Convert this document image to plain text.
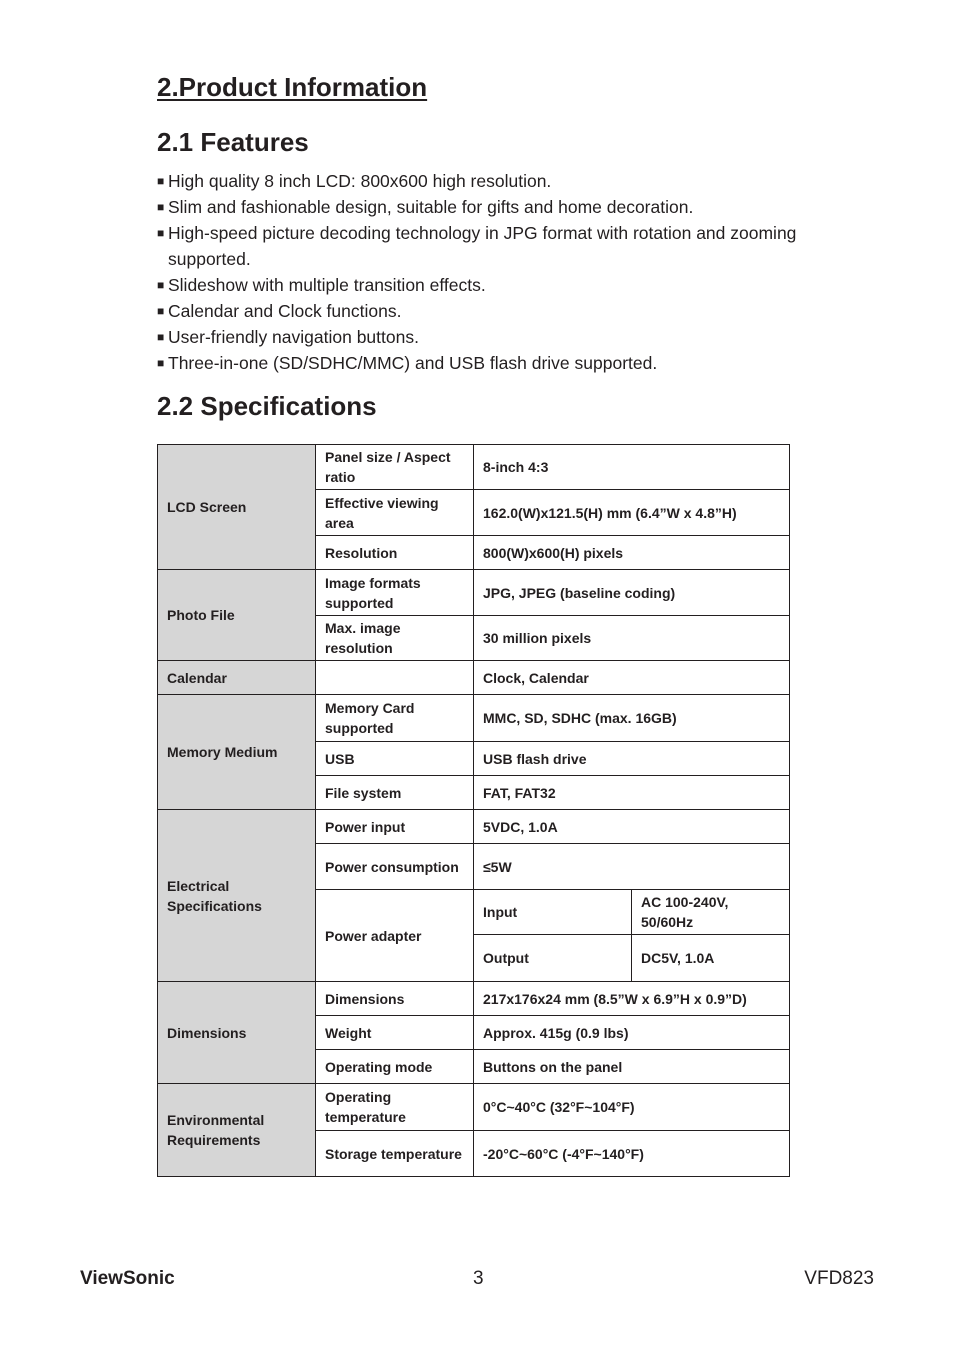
2.Product Information
2.1 Features
■ High quality 8 inch LCD: 800x600 high resolution.
■ Slim and fashionable design, suitable for gifts and home decoration.
■ High-speed picture decoding technology in JPG format with rotation and zooming supported.
■ Slideshow with multiple transition effects.
■ Calendar and Clock functions.
■ User-friendly navigation buttons.
■ Three-in-one (SD/SDHC/MMC) and USB flash drive supported.
2.2 Specifications
LCD Screen	Panel size / Aspect ratio	8-inch 4:3	
	Effective viewing area	162.0(W)x121.5(H) mm (6.4”W x 4.8”H)	
	Resolution	800(W)x600(H) pixels	
Photo File	Image formats supported	JPG, JPEG (baseline coding)	
	Max. image resolution	30 million pixels	
Calendar		Clock, Calendar	
Memory Medium	Memory Card supported	MMC, SD, SDHC (max. 16GB)	
	USB	USB flash drive	
	File system	FAT, FAT32	
Electrical Specifications	Power input	5VDC, 1.0A	
	Power consumption	≤5W	
	Power adapter	Input	AC 100-240V, 50/60Hz
		Output	DC5V, 1.0A
Dimensions	Dimensions	217x176x24 mm (8.5”W x 6.9”H x 0.9”D)	
	Weight	Approx. 415g (0.9 lbs)	
	Operating mode	Buttons on the panel	
Environmental Requirements	Operating temperature	0°C~40°C (32°F~104°F)	
	Storage temperature	-20°C~60°C (-4°F~140°F)	
ViewSonic	3	VFD823
